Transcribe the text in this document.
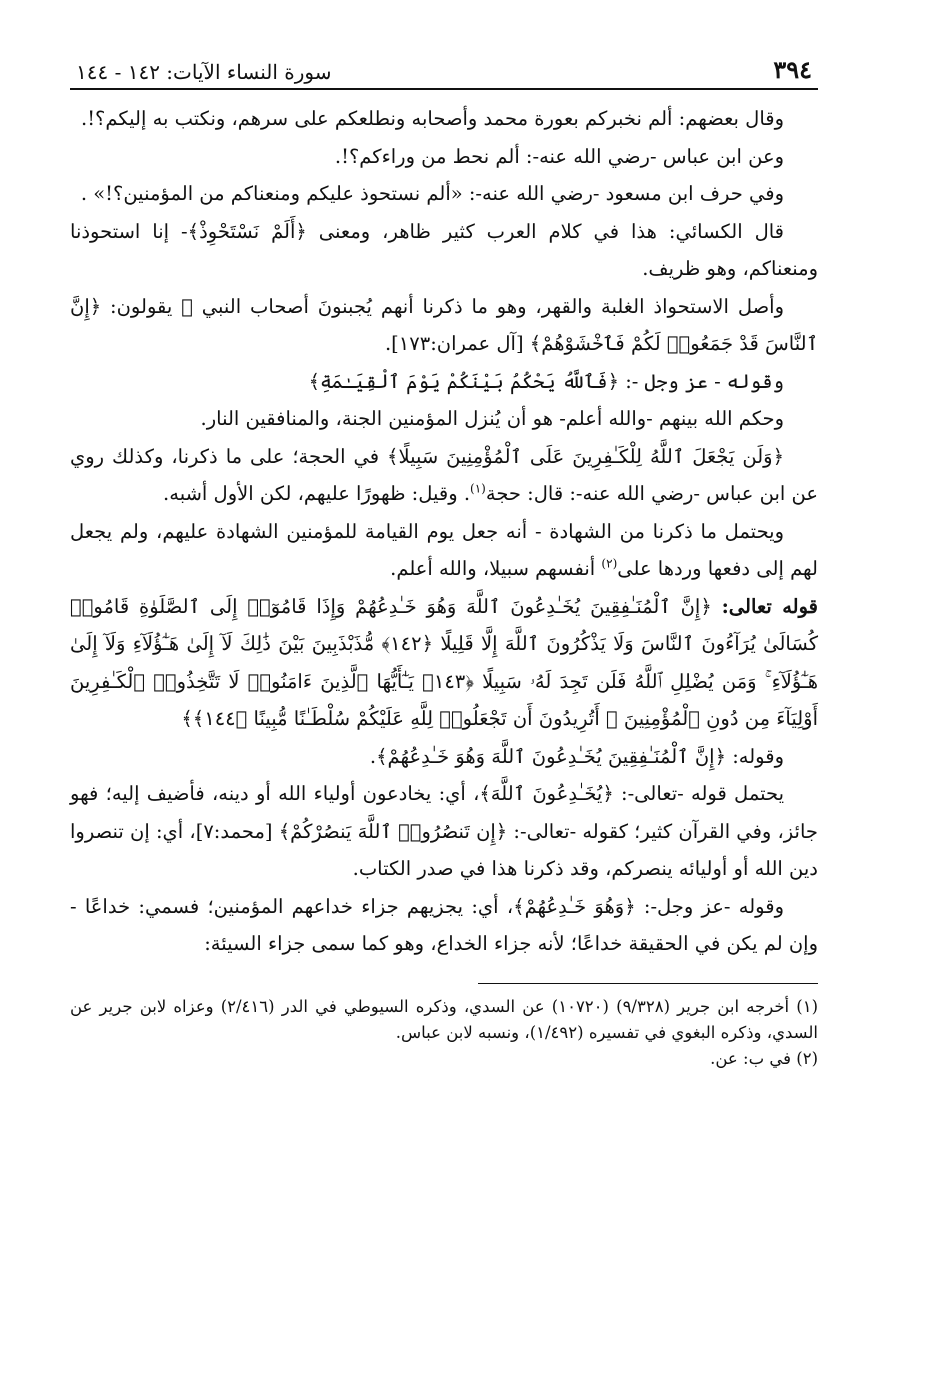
٣٩٤
سورة النساء الآيات: ١٤٢ - ١٤٤

وقال بعضهم: ألم نخبركم بعورة محمد وأصحابه ونطلعكم على سرهم، ونكتب به إليكم؟!.

وعن ابن عباس -رضي الله عنه-: ألم نحط من وراءكم؟!.

وفي حرف ابن مسعود -رضي الله عنه-: «ألم نستحوذ عليكم ومنعناكم من المؤمنين؟!» .

قال الكسائي: هذا في كلام العرب كثير ظاهر، ومعنى ﴿أَلَمْ نَسْتَحْوِذْ﴾- إنا استحوذنا ومنعناكم، وهو ظريف.

وأصل الاستحواذ الغلبة والقهر، وهو ما ذكرنا أنهم يُجبنونَ أصحاب النبي ﷺ يقولون: ﴿إِنَّ ٱلنَّاسَ قَدْ جَمَعُوا۟ لَكُمْ فَٱخْشَوْهُمْ﴾ [آل عمران:١٧٣].

وقوله - عز وجل -: ﴿فَٱللَّهُ يَحْكُمُ بَيْنَكُمْ يَوْمَ ٱلْقِيَـٰمَةِ﴾

وحكم الله بينهم -والله أعلم- هو أن يُنزل المؤمنين الجنة، والمنافقين النار.

﴿وَلَن يَجْعَلَ ٱللَّهُ لِلْكَـٰفِرِينَ عَلَى ٱلْمُؤْمِنِينَ سَبِيلًا﴾ في الحجة؛ على ما ذكرنا، وكذلك روي عن ابن عباس -رضي الله عنه-: قال: حجة$^{(١)}$. وقيل: ظهورًا عليهم، لكن الأول أشبه.

ويحتمل ما ذكرنا من الشهادة - أنه جعل يوم القيامة للمؤمنين الشهادة عليهم، ولم يجعل لهم إلى دفعها وردها على$^{(٢)}$ أنفسهم سبيلا، والله أعلم.

قوله تعالى: ﴿إِنَّ ٱلْمُنَـٰفِقِينَ يُخَـٰدِعُونَ ٱللَّهَ وَهُوَ خَـٰدِعُهُمْ وَإِذَا قَامُوٓا۟ إِلَى ٱلصَّلَوٰةِ قَامُوا۟ كُسَالَىٰ يُرَآءُونَ ٱلنَّاسَ وَلَا يَذْكُرُونَ ٱللَّهَ إِلَّا قَلِيلًا ﴿١٤٢﴾ مُّذَبْذَبِينَ بَيْنَ ذَٰلِكَ لَآ إِلَىٰ هَـٰٓؤُلَآءِ وَلَآ إِلَىٰ هَـٰٓؤُلَآءِ ۚ وَمَن يُضْلِلِ ٱللَّهُ فَلَن تَجِدَ لَهُۥ سَبِيلًا ﴿١٤٣﴾ يَـٰٓأَيُّهَا ٱلَّذِينَ ءَامَنُوا۟ لَا تَتَّخِذُوا۟ ٱلْكَـٰفِرِينَ أَوْلِيَآءَ مِن دُونِ ٱلْمُؤْمِنِينَ ۚ أَتُرِيدُونَ أَن تَجْعَلُوا۟ لِلَّهِ عَلَيْكُمْ سُلْطَـٰنًا مُّبِينًا ﴿١٤٤﴾﴾

وقوله: ﴿إِنَّ ٱلْمُنَـٰفِقِينَ يُخَـٰدِعُونَ ٱللَّهَ وَهُوَ خَـٰدِعُهُمْ﴾.

يحتمل قوله -تعالى-: ﴿يُخَـٰدِعُونَ ٱللَّهَ﴾، أي: يخادعون أولياء الله أو دينه، فأضيف إليه؛ فهو جائز، وفي القرآن كثير؛ كقوله -تعالى-: ﴿إِن تَنصُرُوا۟ ٱللَّهَ يَنصُرْكُمْ﴾ [محمد:٧]، أي: إن تنصروا دين الله أو أوليائه ينصركم، وقد ذكرنا هذا في صدر الكتاب.

وقوله -عز وجل-: ﴿وَهُوَ خَـٰدِعُهُمْ﴾، أي: يجزيهم جزاء خداعهم المؤمنين؛ فسمي: خداعًا - وإن لم يكن في الحقيقة خداعًا؛ لأنه جزاء الخداع، وهو كما سمى جزاء السيئة:

(١) أخرجه ابن جرير (٩/٣٢٨) (١٠٧٢٠) عن السدي، وذكره السيوطي في الدر (٢/٤١٦) وعزاه لابن جرير عن السدي، وذكره البغوي في تفسيره (١/٤٩٢)، ونسبه لابن عباس.

(٢) في ب: عن.
